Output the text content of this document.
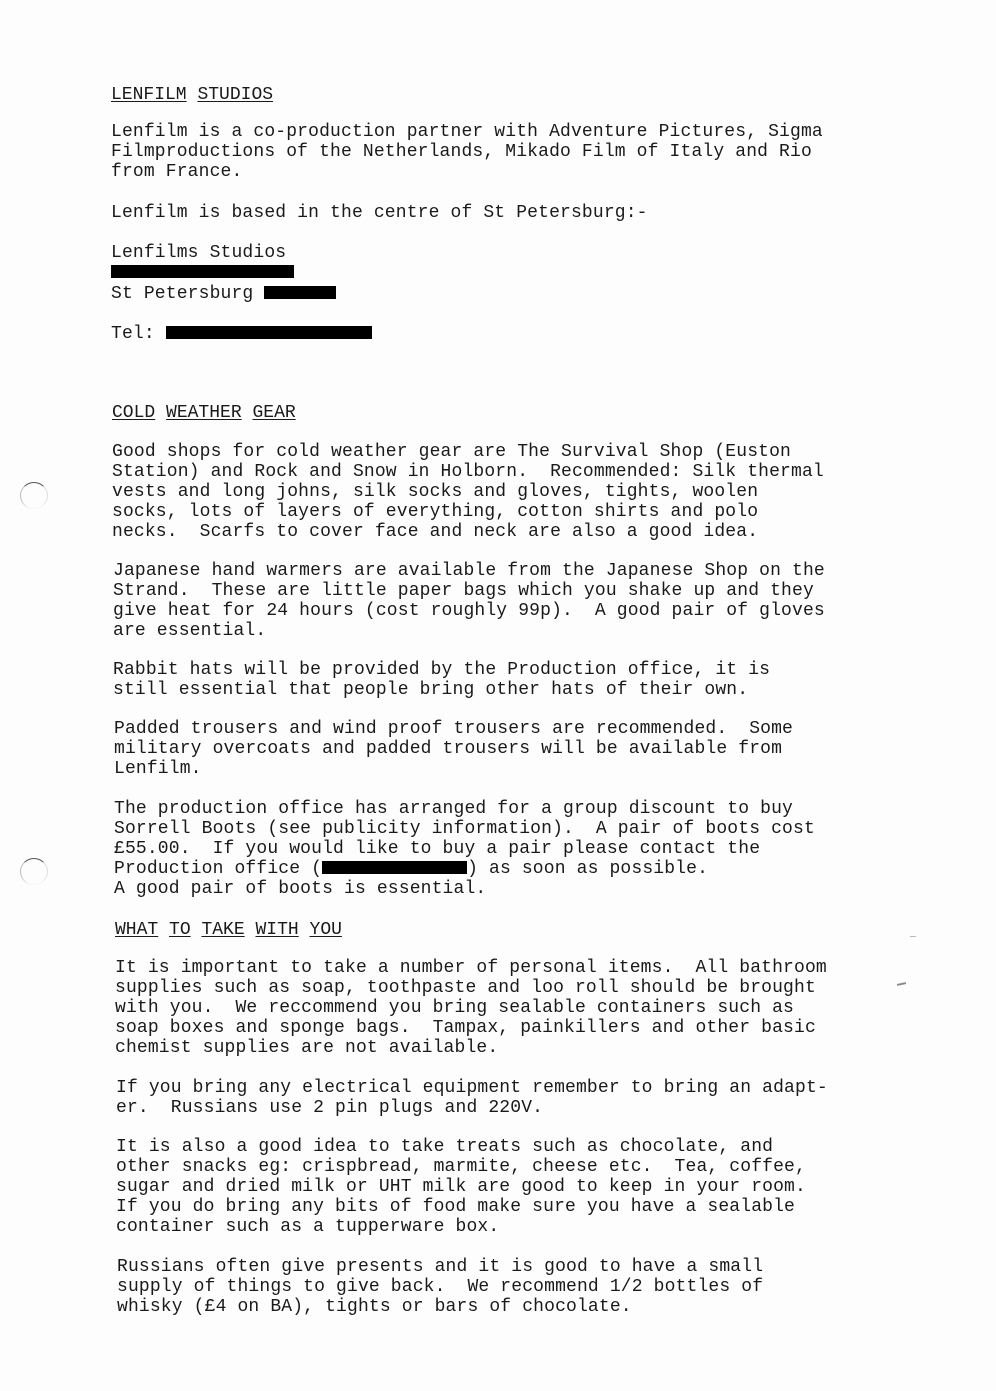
LENFILM STUDIOS
Lenfilm is a co-production partner with Adventure Pictures, Sigma
Filmproductions of the Netherlands, Mikado Film of Italy and Rio
from France.
Lenfilm is based in the centre of St Petersburg:-
Lenfilms Studios
St Petersburg
Tel:
COLD WEATHER GEAR
Good shops for cold weather gear are The Survival Shop (Euston
Station) and Rock and Snow in Holborn.  Recommended: Silk thermal
vests and long johns, silk socks and gloves, tights, woolen
socks, lots of layers of everything, cotton shirts and polo
necks.  Scarfs to cover face and neck are also a good idea.
Japanese hand warmers are available from the Japanese Shop on the
Strand.  These are little paper bags which you shake up and they
give heat for 24 hours (cost roughly 99p).  A good pair of gloves
are essential.
Rabbit hats will be provided by the Production office, it is
still essential that people bring other hats of their own.
Padded trousers and wind proof trousers are recommended.  Some
military overcoats and padded trousers will be available from
Lenfilm.
The production office has arranged for a group discount to buy
Sorrell Boots (see publicity information).  A pair of boots cost
£55.00.  If you would like to buy a pair please contact the
Production office (	) as soon as possible.
A good pair of boots is essential.
WHAT TO TAKE WITH YOU
It is important to take a number of personal items.  All bathroom
supplies such as soap, toothpaste and loo roll should be brought
with you.  We reccommend you bring sealable containers such as
soap boxes and sponge bags.  Tampax, painkillers and other basic
chemist supplies are not available.
If you bring any electrical equipment remember to bring an adapt-
er.  Russians use 2 pin plugs and 220V.
It is also a good idea to take treats such as chocolate, and
other snacks eg: crispbread, marmite, cheese etc.  Tea, coffee,
sugar and dried milk or UHT milk are good to keep in your room.
If you do bring any bits of food make sure you have a sealable
container such as a tupperware box.
Russians often give presents and it is good to have a small
supply of things to give back.  We recommend 1/2 bottles of
whisky (£4 on BA), tights or bars of chocolate.
